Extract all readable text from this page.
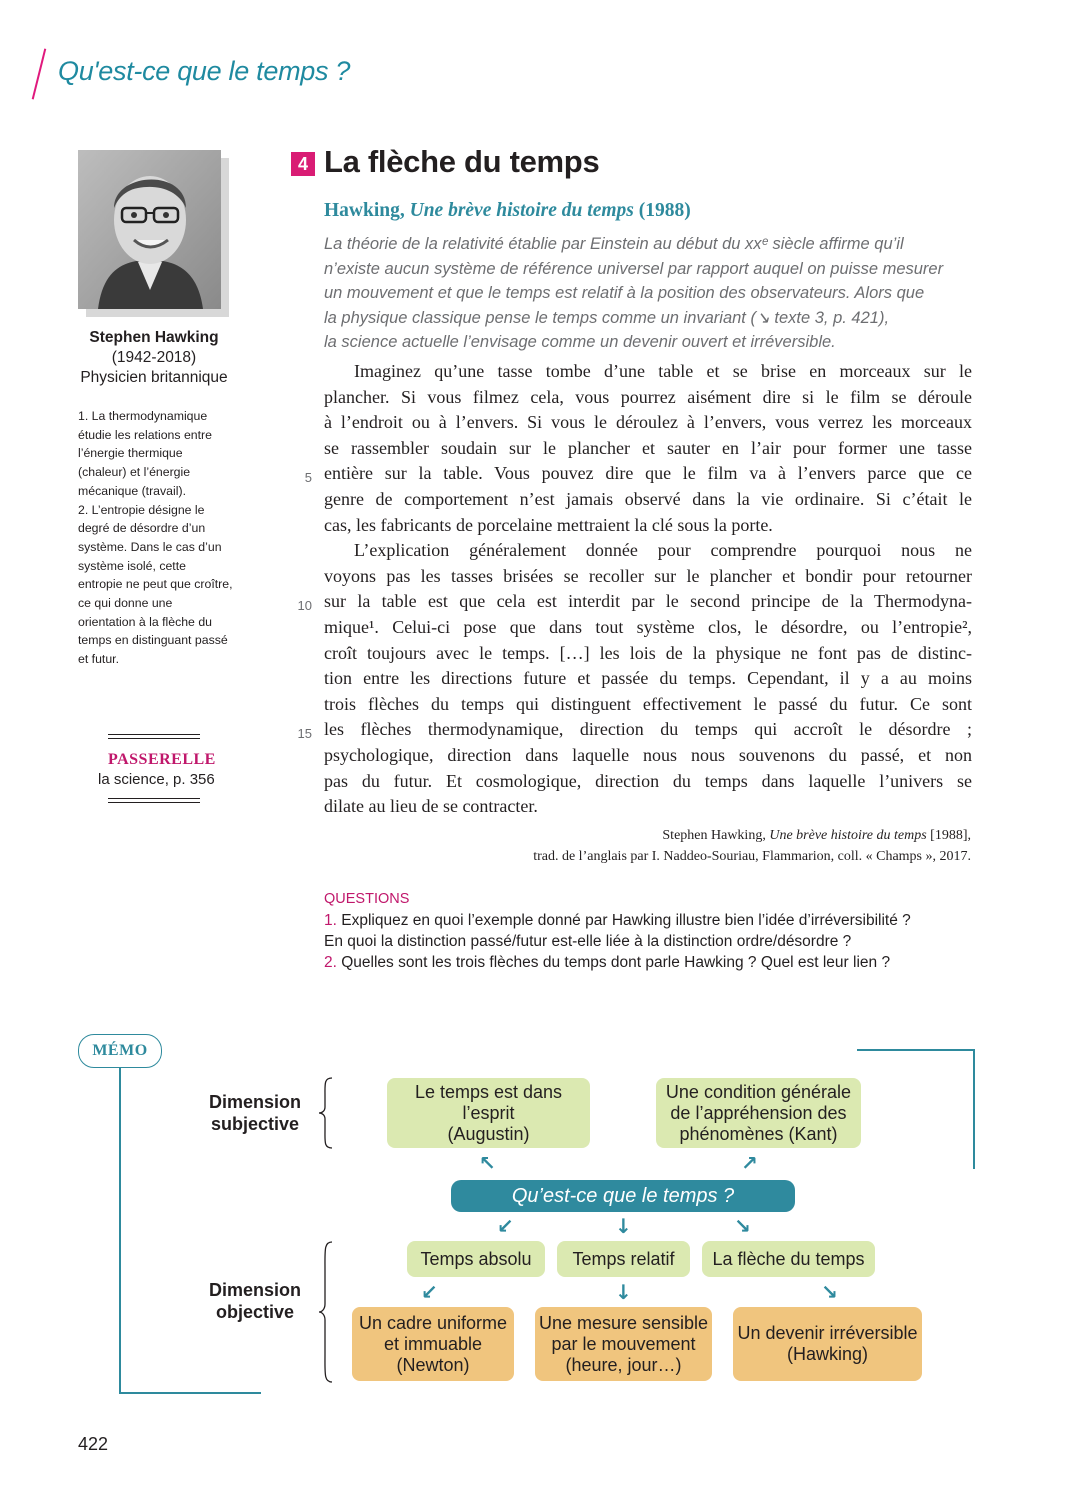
Qu'est-ce que le temps ?
Stephen Hawking
(1942-2018)
Physicien britannique

1. La thermodynamique étudie les relations entre l’énergie thermique (chaleur) et l’énergie mécanique (travail).

2. L’entropie désigne le degré de désordre d’un système. Dans le cas d’un système isolé, cette entropie ne peut que croître, ce qui donne une orientation à la flèche du temps en distinguant passé et futur.

PASSERELLE
la science, p. 356
4 La flèche du temps
Hawking, Une brève histoire du temps (1988)

La théorie de la relativité établie par Einstein au début du xxᵉ siècle affirme qu’il

n’existe aucun système de référence universel par rapport auquel on puisse mesurer

un mouvement et que le temps est relatif à la position des observateurs. Alors que

la physique classique pense le temps comme un invariant (↘ texte 3, p. 421),

la science actuelle l’envisage comme un devenir ouvert et irréversible.

Imaginez qu’une tasse tombe d’une table et se brise en morceaux sur le
plancher. Si vous filmez cela, vous pourrez aisément dire si le film se déroule
à l’endroit ou à l’envers. Si vous le déroulez à l’envers, vous verrez les morceaux
se rassembler soudain sur le plancher et sauter en l’air pour former une tasse
5 entière sur la table. Vous pouvez dire que le film va à l’envers parce que ce
genre de comportement n’est jamais observé dans la vie ordinaire. Si c’était le
cas, les fabricants de porcelaine mettraient la clé sous la porte.
L’explication généralement donnée pour comprendre pourquoi nous ne
voyons pas les tasses brisées se recoller sur le plancher et bondir pour retourner
10 sur la table est que cela est interdit par le second principe de la Thermodyna-
mique¹. Celui-ci pose que dans tout système clos, le désordre, ou l’entropie²,
croît toujours avec le temps. […] les lois de la physique ne font pas de distinc-
tion entre les directions future et passée du temps. Cependant, il y a au moins
trois flèches du temps qui distinguent effectivement le passé du futur. Ce sont
15 les flèches thermodynamique, direction du temps qui accroît le désordre ;
psychologique, direction dans laquelle nous nous souvenons du passé, et non
pas du futur. Et cosmologique, direction du temps dans laquelle l’univers se
dilate au lieu de se contracter.

Stephen Hawking, Une brève histoire du temps [1988],

trad. de l’anglais par I. Naddeo-Souriau, Flammarion, coll. « Champs », 2017.

QUESTIONS

1. Expliquez en quoi l’exemple donné par Hawking illustre bien l’idée d’irréversibilité ?

En quoi la distinction passé/futur est-elle liée à la distinction ordre/désordre ?

2. Quelles sont les trois flèches du temps dont parle Hawking ? Quel est leur lien ?

MÉMO
Dimension
subjective
Dimension
objective
Le temps est dans l’esprit
(Augustin)
Une condition générale
de l’appréhension des
phénomènes (Kant)
↖	↗
Qu’est-ce que le temps ?
↙	↓	↘
Temps absolu	Temps relatif	La flèche du temps
↙	↓	↘
Un cadre uniforme
et immuable
(Newton)
Une mesure sensible
par le mouvement
(heure, jour…)
Un devenir irréversible
(Hawking)
422
